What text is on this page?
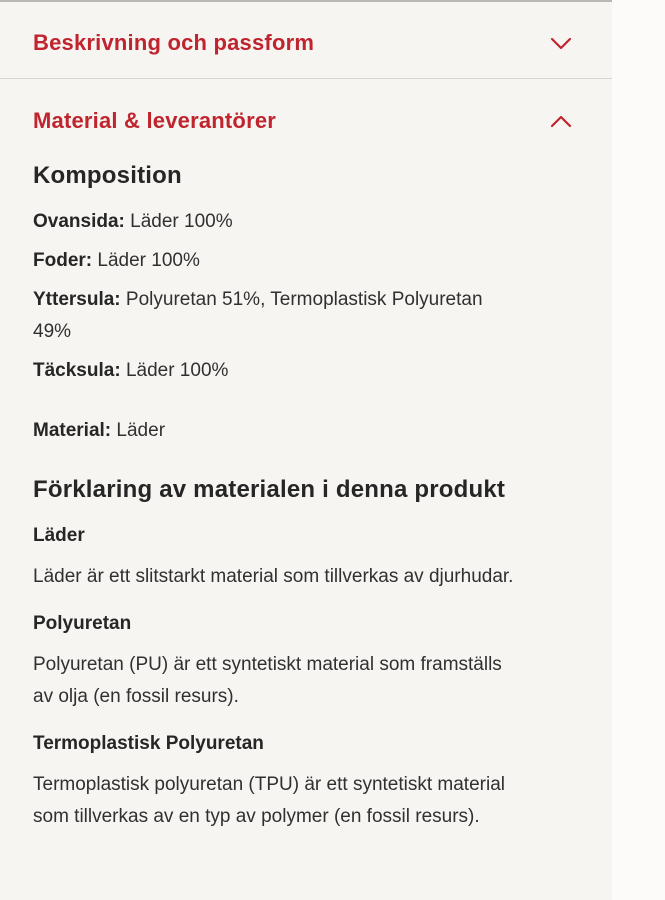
Beskrivning och passform
Material & leverantörer
Komposition

Ovansida: Läder 100%

Foder: Läder 100%

Yttersula: Polyuretan 51%, Termoplastisk Polyuretan 49%

Täcksula: Läder 100%

Material: Läder

Förklaring av materialen i denna produkt
Läder

Läder är ett slitstarkt material som tillverkas av djurhudar.

Polyuretan

Polyuretan (PU) är ett syntetiskt material som framställs av olja (en fossil resurs).

Termoplastisk Polyuretan

Termoplastisk polyuretan (TPU) är ett syntetiskt material som tillverkas av en typ av polymer (en fossil resurs).
